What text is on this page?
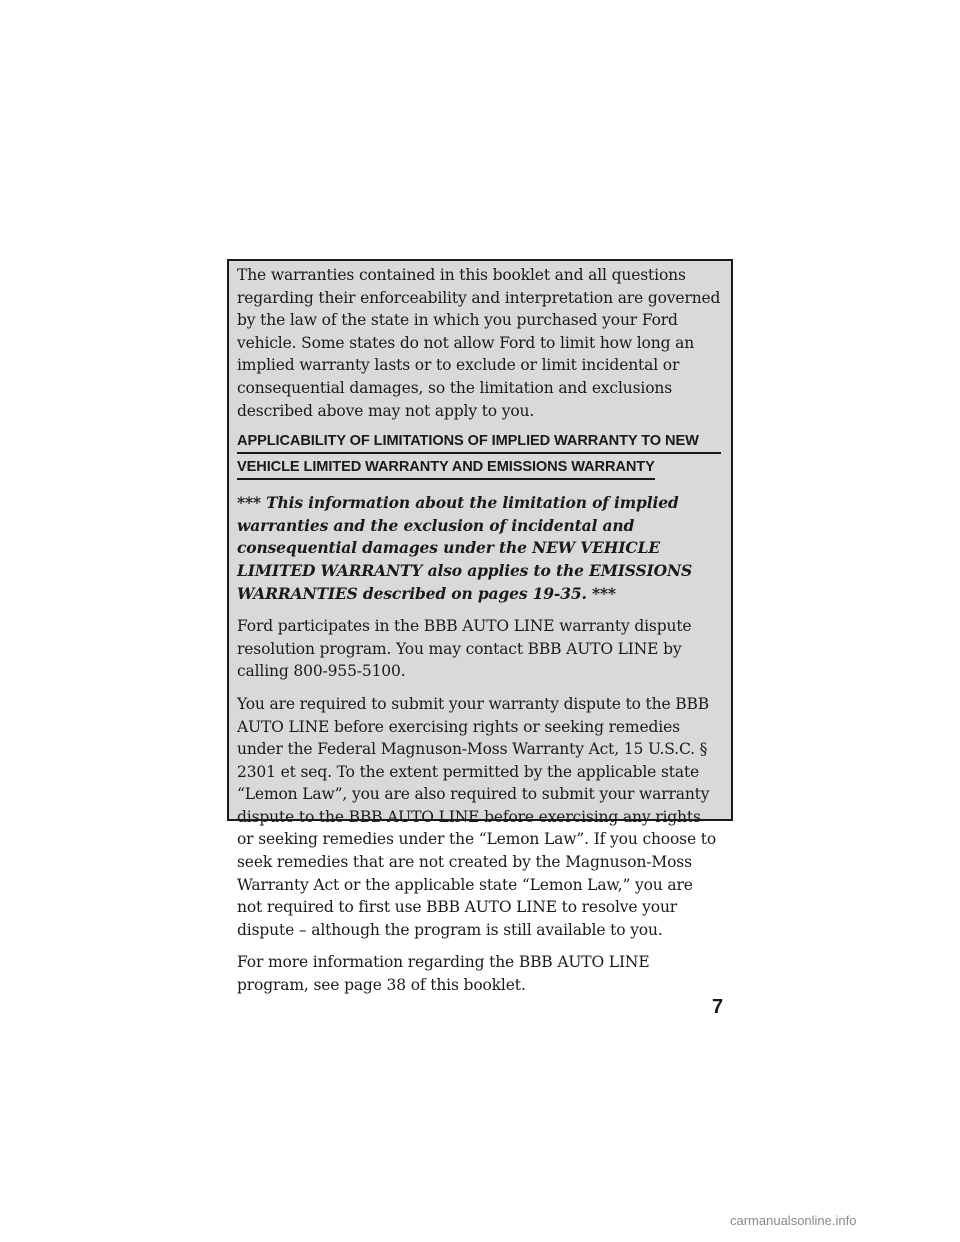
The warranties contained in this booklet and all questions regarding their enforceability and interpretation are governed by the law of the state in which you purchased your Ford vehicle. Some states do not allow Ford to limit how long an implied warranty lasts or to exclude or limit incidental or consequential damages, so the limitation and exclusions described above may not apply to you.

APPLICABILITY OF LIMITATIONS OF IMPLIED WARRANTY TO NEW
VEHICLE LIMITED WARRANTY AND EMISSIONS WARRANTY

*** This information about the limitation of implied warranties and the exclusion of incidental and consequential damages under the NEW VEHICLE LIMITED WARRANTY also applies to the EMISSIONS WARRANTIES described on pages 19-35. ***

Ford participates in the BBB AUTO LINE warranty dispute resolution program. You may contact BBB AUTO LINE by calling 800-955-5100.

You are required to submit your warranty dispute to the BBB AUTO LINE before exercising rights or seeking remedies under the Federal Magnuson-Moss Warranty Act, 15 U.S.C. § 2301 et seq. To the extent permitted by the applicable state “Lemon Law”, you are also required to submit your warranty dispute to the BBB AUTO LINE before exercising any rights or seeking remedies under the “Lemon Law”. If you choose to seek remedies that are not created by the Magnuson-Moss Warranty Act or the applicable state “Lemon Law,” you are not required to first use BBB AUTO LINE to resolve your dispute – although the program is still available to you.

For more information regarding the BBB AUTO LINE program, see page 38 of this booklet.

7
carmanualsonline.info
